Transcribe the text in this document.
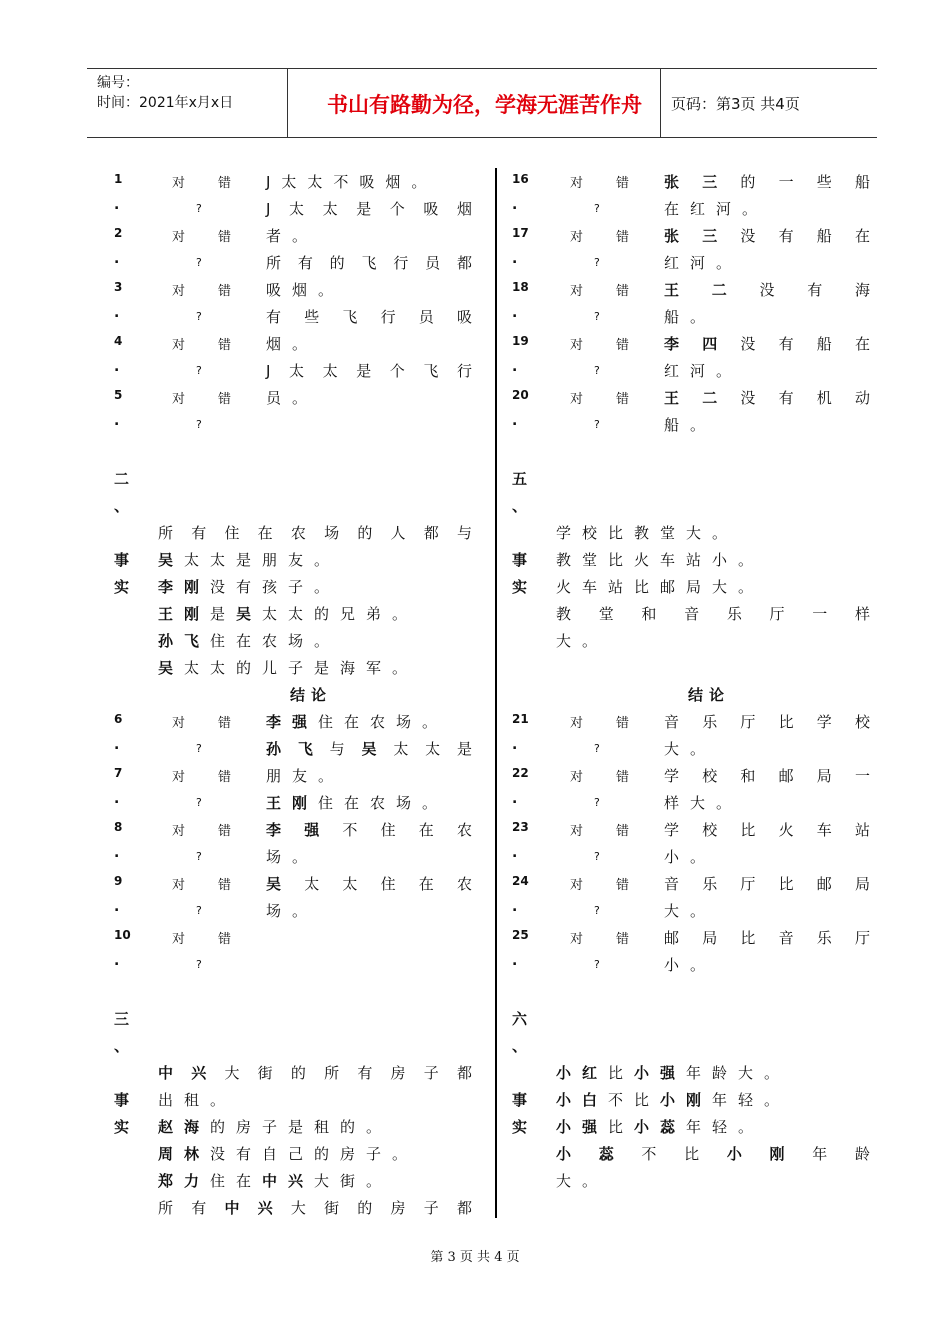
编号：
时间：2021年x月x日	书山有路勤为径，学海无涯苦作舟	页码：第3页 共4页
1	对	错 J太太不吸烟。
.	?	J太太是个吸烟
2	对	错 者。
.	?	所有的飞行员都
3	对	错 吸烟。
.	?	有些飞行员吸
4	对	错 烟。
.	?	J太太是个飞行
5	对	错 员。
.	?
二
、
所有住在农场的人都与
事 吴太太是朋友。
实 李刚没有孩子。
王刚是吴太太的兄弟。
孙飞住在农场。
吴太太的儿子是海军。
结论
6	对	错 李强住在农场。
.	?	孙飞与吴太太是
7	对	错 朋友。
.	?	王刚住在农场。
8	对	错 李强不住在农
.	?	场。
9	对	错 吴太太住在农
.	?	场。
10	对	错
.	?
三
、
中兴大街的所有房子都
事 出租。
实 赵海的房子是租的。
周林没有自己的房子。
郑力住在中兴大街。
所有中兴大街的房子都
16	对	错 张三的一些船
.	?	在红河。
17	对	错 张三没有船在
.	?	红河。
18	对	错 王二没有海
.	?	船。
19	对	错 李四没有船在
.	?	红河。
20	对	错 王二没有机动
.	?	船。
五
、
学校比教堂大。
事 教堂比火车站小。
实 火车站比邮局大。
教堂和音乐厅一样
大。
结论
21	对	错 音乐厅比学校
.	?	大。
22	对	错 学校和邮局一
.	?	样大。
23	对	错 学校比火车站
.	?	小。
24	对	错 音乐厅比邮局
.	?	大。
25	对	错 邮局比音乐厅
.	?	小。
六
、
小红比小强年龄大。
事 小白不比小刚年轻。
实 小强比小蕊年轻。
小蕊不比小刚年龄
大。
第 3 页 共 4 页
